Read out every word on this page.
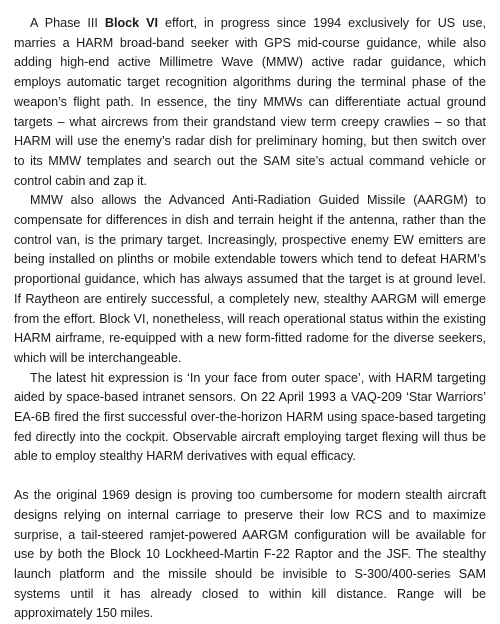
A Phase III Block VI effort, in progress since 1994 exclusively for US use, marries a HARM broad-band seeker with GPS mid-course guidance, while also adding high-end active Millimetre Wave (MMW) active radar guidance, which employs automatic target recognition algorithms during the terminal phase of the weapon’s flight path. In essence, the tiny MMWs can differentiate actual ground targets – what aircrews from their grandstand view term creepy crawlies – so that HARM will use the enemy’s radar dish for preliminary homing, but then switch over to its MMW templates and search out the SAM site’s actual command vehicle or control cabin and zap it.

MMW also allows the Advanced Anti-Radiation Guided Missile (AARGM) to compensate for differences in dish and terrain height if the antenna, rather than the control van, is the primary target. Increasingly, prospective enemy EW emitters are being installed on plinths or mobile extendable towers which tend to defeat HARM’s proportional guidance, which has always assumed that the target is at ground level. If Raytheon are entirely successful, a completely new, stealthy AARGM will emerge from the effort. Block VI, nonetheless, will reach operational status within the existing HARM airframe, re-equipped with a new form-fitted radome for the diverse seekers, which will be interchangeable.

The latest hit expression is ‘In your face from outer space’, with HARM targeting aided by space-based intranet sensors. On 22 April 1993 a VAQ-209 ‘Star Warriors’ EA-6B fired the first successful over-the-horizon HARM using space-based targeting fed directly into the cockpit. Observable aircraft employing target flexing will thus be able to employ stealthy HARM derivatives with equal efficacy.

As the original 1969 design is proving too cumbersome for modern stealth aircraft designs relying on internal carriage to preserve their low RCS and to maximize surprise, a tail-steered ramjet-powered AARGM configuration will be available for use by both the Block 10 Lockheed-Martin F-22 Raptor and the JSF. The stealthy launch platform and the missile should be invisible to S-300/400-series SAM systems until it has already closed to within kill distance. Range will be approximately 150 miles.
